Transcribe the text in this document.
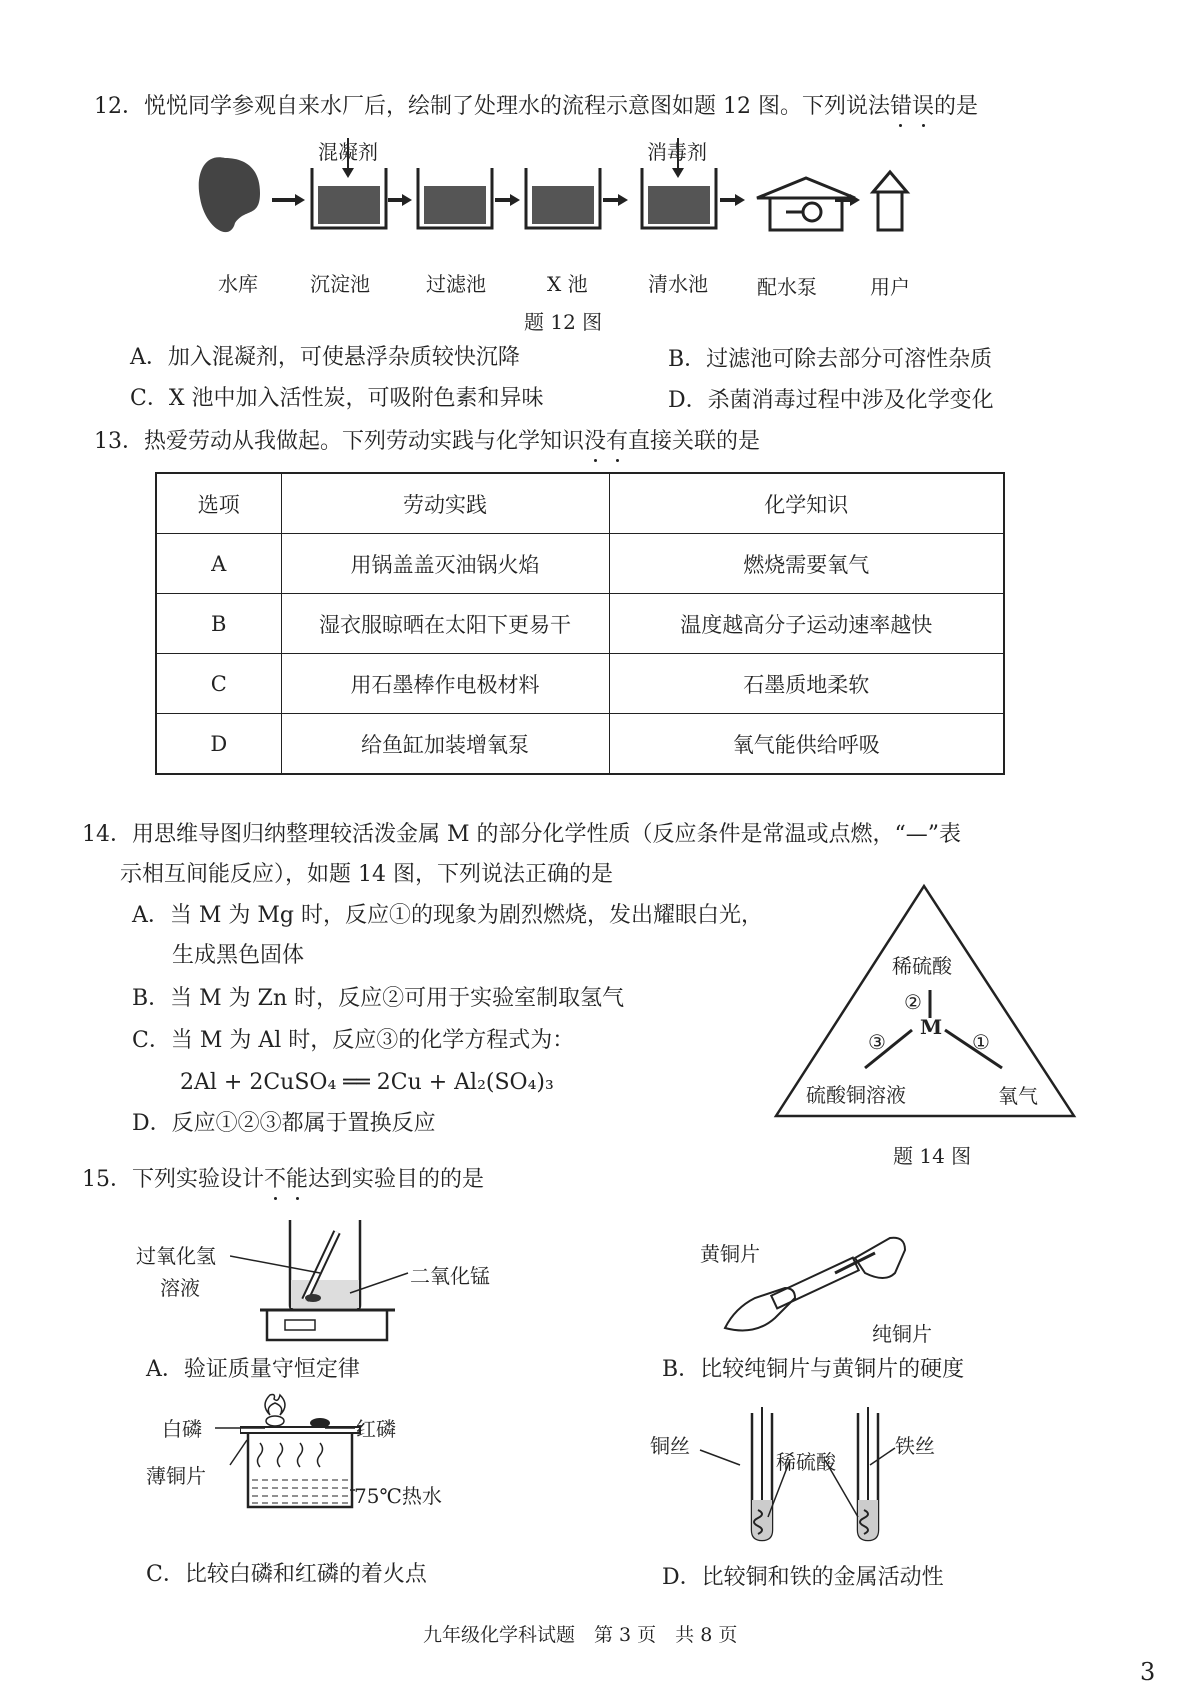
12．悦悦同学参观自来水厂后，绘制了处理水的流程示意图如题 12 图。下列说法错误的是
水库	沉淀池	过滤池	X 池	清水池 配水泵	用户
混凝剂	消毒剂
题 12 图
A．加入混凝剂，可使悬浮杂质较快沉降	B．过滤池可除去部分可溶性杂质
C．X 池中加入活性炭，可吸附色素和异味	D．杀菌消毒过程中涉及化学变化
13．热爱劳动从我做起。下列劳动实践与化学知识没有直接关联的是
选项	劳动实践	化学知识
A	用锅盖盖灭油锅火焰	燃烧需要氧气
B	湿衣服晾晒在太阳下更易干	温度越高分子运动速率越快
C	用石墨棒作电极材料	石墨质地柔软
D	给鱼缸加装增氧泵	氧气能供给呼吸
14．用思维导图归纳整理较活泼金属 M 的部分化学性质（反应条件是常温或点燃，“—”表
示相互间能反应），如题 14 图，下列说法正确的是
A．当 M 为 Mg 时，反应①的现象为剧烈燃烧，发出耀眼白光，
生成黑色固体
B．当 M 为 Zn 时，反应②可用于实验室制取氢气
C．当 M 为 Al 时，反应③的化学方程式为：
2Al + 2CuSO₄ ══ 2Cu + Al₂(SO₄)₃
D．反应①②③都属于置换反应
稀硫酸
②
M
③	①
硫酸铜溶液	氧气
题 14 图
15．下列实验设计不能达到实验目的的是
过氧化氢
溶液	二氧化锰
A．验证质量守恒定律
黄铜片
纯铜片
B．比较纯铜片与黄铜片的硬度
白磷	红磷
薄铜片
75℃热水
C．比较白磷和红磷的着火点
铜丝
稀硫酸
铁丝
D．比较铜和铁的金属活动性
九年级化学科试题　第 3 页　共 8 页
3
